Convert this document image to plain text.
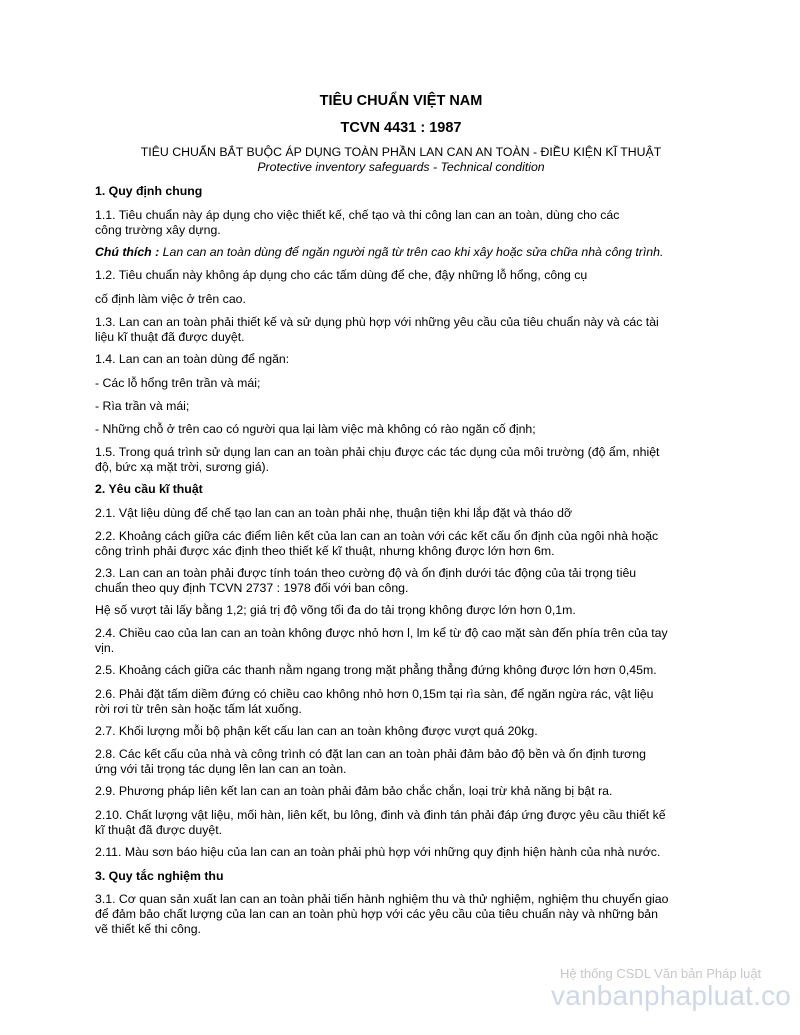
TIÊU CHUẨN VIỆT NAM
TCVN 4431 : 1987
TIÊU CHUẨN BẮT BUỘC ÁP DỤNG TOÀN PHẦN LAN CAN AN TOÀN - ĐIỀU KIỆN KĨ THUẬT
Protective inventory safeguards - Technical condition
1. Quy định chung
1.1. Tiêu chuẩn này áp dụng cho việc thiết kế, chế tạo và thi công lan can an toàn, dùng cho các
công trường xây dựng.
Chú thích : Lan can an toàn dùng để ngăn người ngã từ trên cao khi xây hoặc sửa chữa nhà công trình.
1.2. Tiêu chuẩn này không áp dụng cho các tấm dùng để che, đậy những lỗ hổng, công cụ
cố định làm việc ở trên cao.
1.3. Lan can an toàn phải thiết kế và sử dụng phù hợp với những yêu cầu của tiêu chuẩn này và các tài
liệu kĩ thuật đã được duyệt.
1.4. Lan can an toàn dùng để ngăn:
- Các lỗ hổng trên trần và mái;
- Rìa trần và mái;
- Những chỗ ở trên cao có người qua lại làm việc mà không có rào ngăn cố định;
1.5. Trong quá trình sử dụng lan can an toàn phải chịu được các tác dụng của môi trường (độ ẩm, nhiệt
độ, bức xạ mặt trời, sương giá).
2. Yêu cầu kĩ thuật
2.1. Vật liệu dùng để chế tạo lan can an toàn phải nhẹ, thuận tiện khi lắp đặt và tháo dỡ
2.2. Khoảng cách giữa các điểm liên kết của lan can an toàn với các kết cấu ổn định của ngôi nhà hoặc
công trình phải được xác định theo thiết kế kĩ thuật, nhưng không được lớn hơn 6m.
2.3. Lan can an toàn phải được tính toán theo cường độ và ổn định dưới tác động của tải trọng tiêu
chuẩn theo quy định TCVN 2737 : 1978 đối với ban công.
Hệ số vượt tải lấy bằng 1,2; giá trị độ võng tối đa do tải trọng không được lớn hơn 0,1m.
2.4. Chiều cao của lan can an toàn không được nhỏ hơn l, lm kể từ độ cao mặt sàn đến phía trên của tay
vịn.
2.5. Khoảng cách giữa các thanh nằm ngang trong mặt phẳng thẳng đứng không được lớn hơn 0,45m.
2.6. Phải đặt tấm diềm đứng có chiều cao không nhỏ hơn 0,15m tại rìa sàn, để ngăn ngừa rác, vật liệu
rời rơi từ trên sàn hoặc tấm lát xuống.
2.7. Khối lượng mỗi bộ phận kết cấu lan can an toàn không được vượt quá 20kg.
2.8. Các kết cấu của nhà và công trình có đặt lan can an toàn phải đảm bảo độ bền và ổn định tương
ứng với tải trọng tác dụng lên lan can an toàn.
2.9. Phương pháp liên kết lan can an toàn phải đảm bảo chắc chắn, loại trừ khả năng bị bật ra.
2.10. Chất lượng vật liệu, mối hàn, liên kết, bu lông, đinh và đinh tán phải đáp ứng được yêu cầu thiết kế
kĩ thuật đã được duyệt.
2.11. Màu sơn báo hiệu của lan can an toàn phải phù hợp với những quy định hiện hành của nhà nước.
3. Quy tắc nghiệm thu
3.1. Cơ quan sản xuất lan can an toàn phải tiến hành nghiệm thu và thử nghiệm, nghiệm thu chuyển giao
để đảm bảo chất lượng của lan can an toàn phù hợp với các yêu cầu của tiêu chuẩn này và những bản
vẽ thiết kế thi công.
Hệ thống CSDL Văn bản Pháp luật
vanbanphapluat.co
